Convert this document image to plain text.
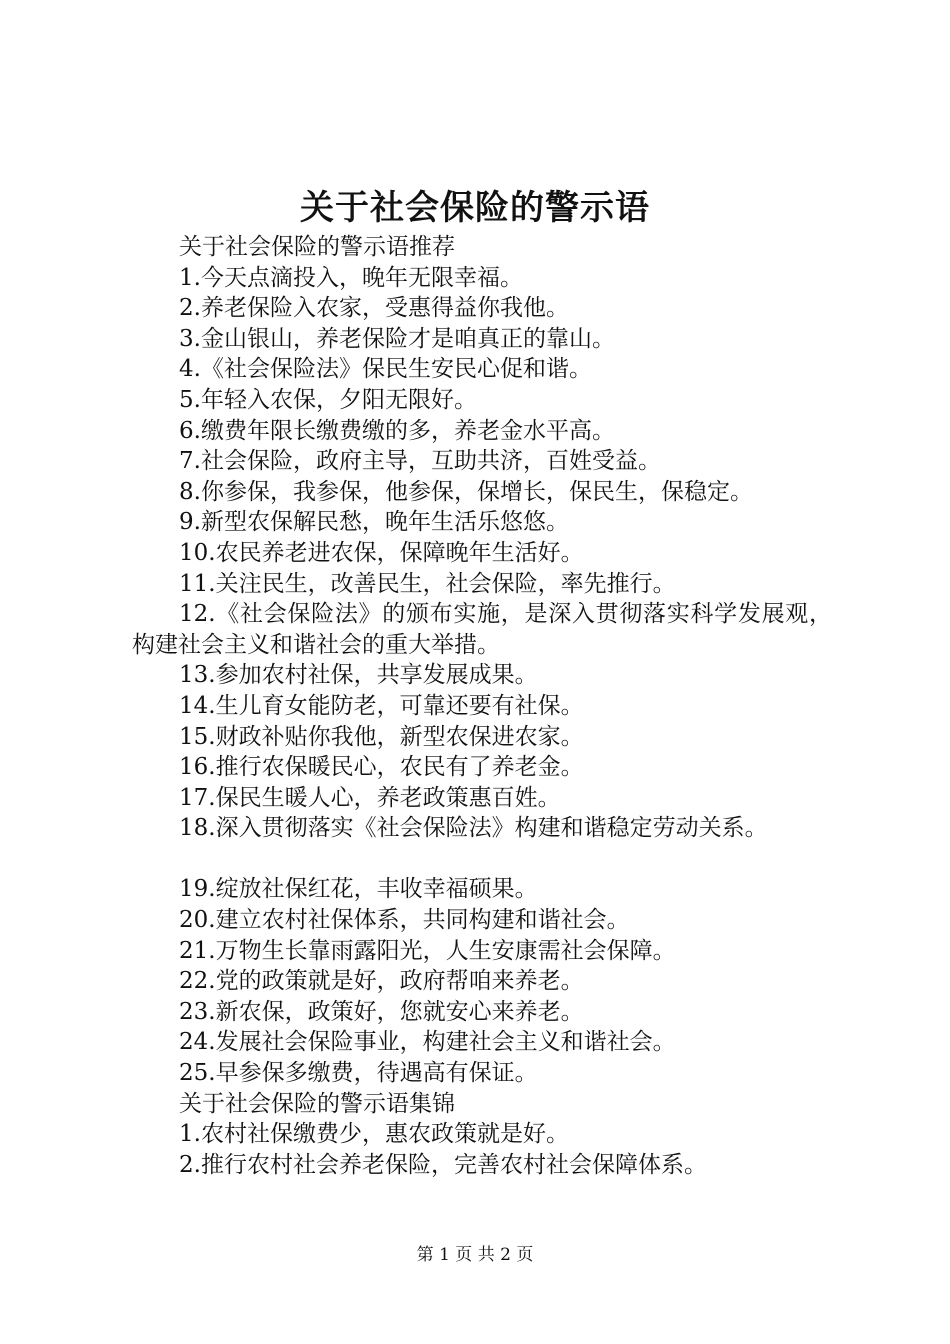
关于社会保险的警示语

关于社会保险的警示语推荐

1.今天点滴投入，晚年无限幸福。

2.养老保险入农家，受惠得益你我他。

3.金山银山，养老保险才是咱真正的靠山。

4.《社会保险法》保民生安民心促和谐。

5.年轻入农保，夕阳无限好。

6.缴费年限长缴费缴的多，养老金水平高。

7.社会保险，政府主导，互助共济，百姓受益。

8.你参保，我参保，他参保，保增长，保民生，保稳定。

9.新型农保解民愁，晚年生活乐悠悠。

10.农民养老进农保，保障晚年生活好。

11.关注民生，改善民生，社会保险，率先推行。

12.《社会保险法》的颁布实施，是深入贯彻落实科学发展观，构建社会主义和谐社会的重大举措。

13.参加农村社保，共享发展成果。

14.生儿育女能防老，可靠还要有社保。

15.财政补贴你我他，新型农保进农家。

16.推行农保暖民心，农民有了养老金。

17.保民生暖人心，养老政策惠百姓。

18.深入贯彻落实《社会保险法》构建和谐稳定劳动关系。

19.绽放社保红花，丰收幸福硕果。

20.建立农村社保体系，共同构建和谐社会。

21.万物生长靠雨露阳光，人生安康需社会保障。

22.党的政策就是好，政府帮咱来养老。

23.新农保，政策好，您就安心来养老。

24.发展社会保险事业，构建社会主义和谐社会。

25.早参保多缴费，待遇高有保证。

关于社会保险的警示语集锦

1.农村社保缴费少，惠农政策就是好。

2.推行农村社会养老保险，完善农村社会保障体系。

第 1 页 共 2 页
